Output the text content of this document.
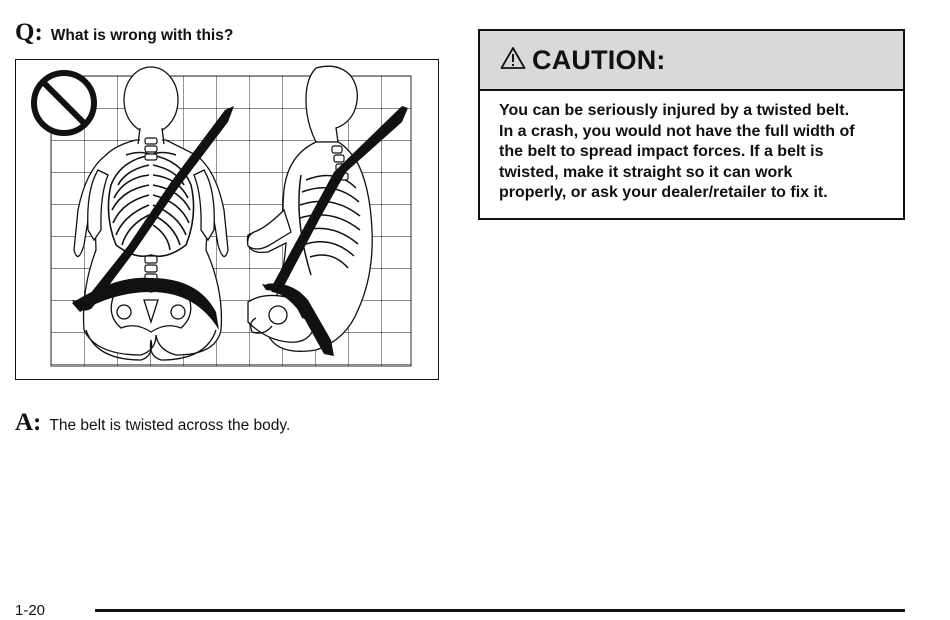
Q: What is wrong with this?
A: The belt is twisted across the body.
CAUTION:
You can be seriously injured by a twisted belt.
In a crash, you would not have the full width of
the belt to spread impact forces. If a belt is
twisted, make it straight so it can work
properly, or ask your dealer/retailer to fix it.
1-20
